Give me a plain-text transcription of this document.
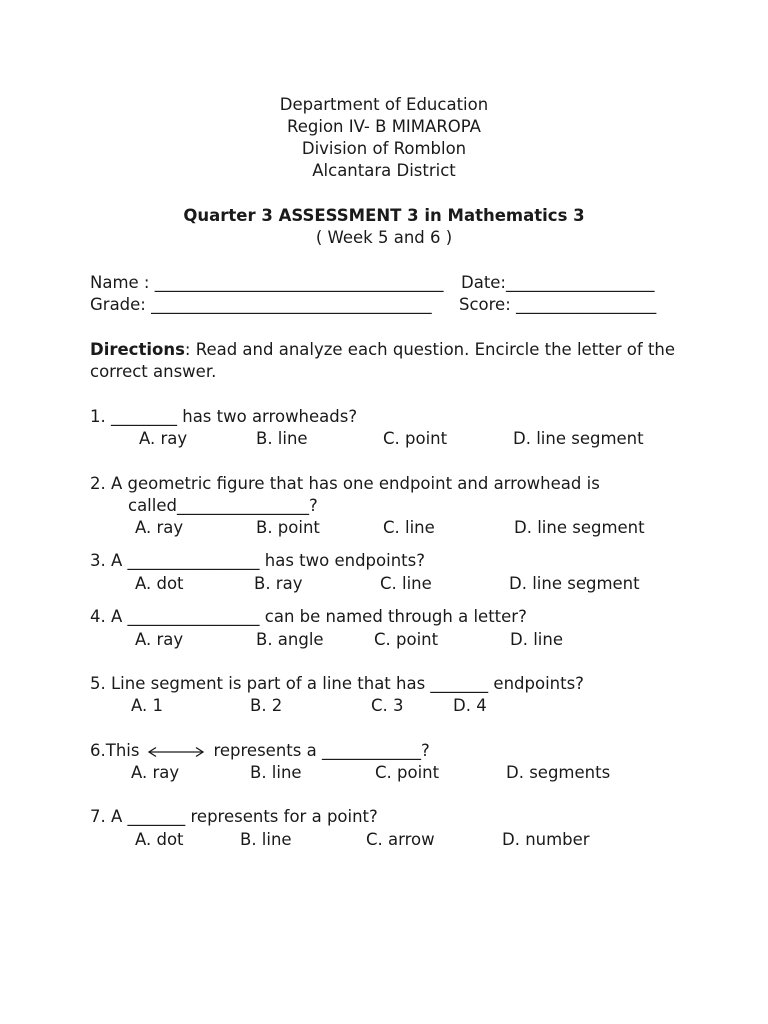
Department of Education
Region IV- B MIMAROPA
Division of Romblon
Alcantara District
Quarter 3 ASSESSMENT 3 in Mathematics 3
( Week 5 and 6 )
Name : ___________________________________ Date:__________________
Grade: __________________________________ Score: _________________
Directions: Read and analyze each question. Encircle the letter of the
correct answer.
1. ________ has two arrowheads?
A. ray	B. line	C. point	D. line segment
2. A geometric figure that has one endpoint and arrowhead is
called________________?
A. ray	B. point	C. line	D. line segment
3. A ________________ has two endpoints?
A. dot	B. ray	C. line	D. line segment
4. A ________________ can be named through a letter?
A. ray	B. angle	C. point	D. line
5. Line segment is part of a line that has _______ endpoints?
A. 1	B. 2	C. 3	D. 4
6.This	represents a ____________?
A. ray	B. line	C. point	D. segments
7. A _______ represents for a point?
A. dot	B. line	C. arrow	D. number
